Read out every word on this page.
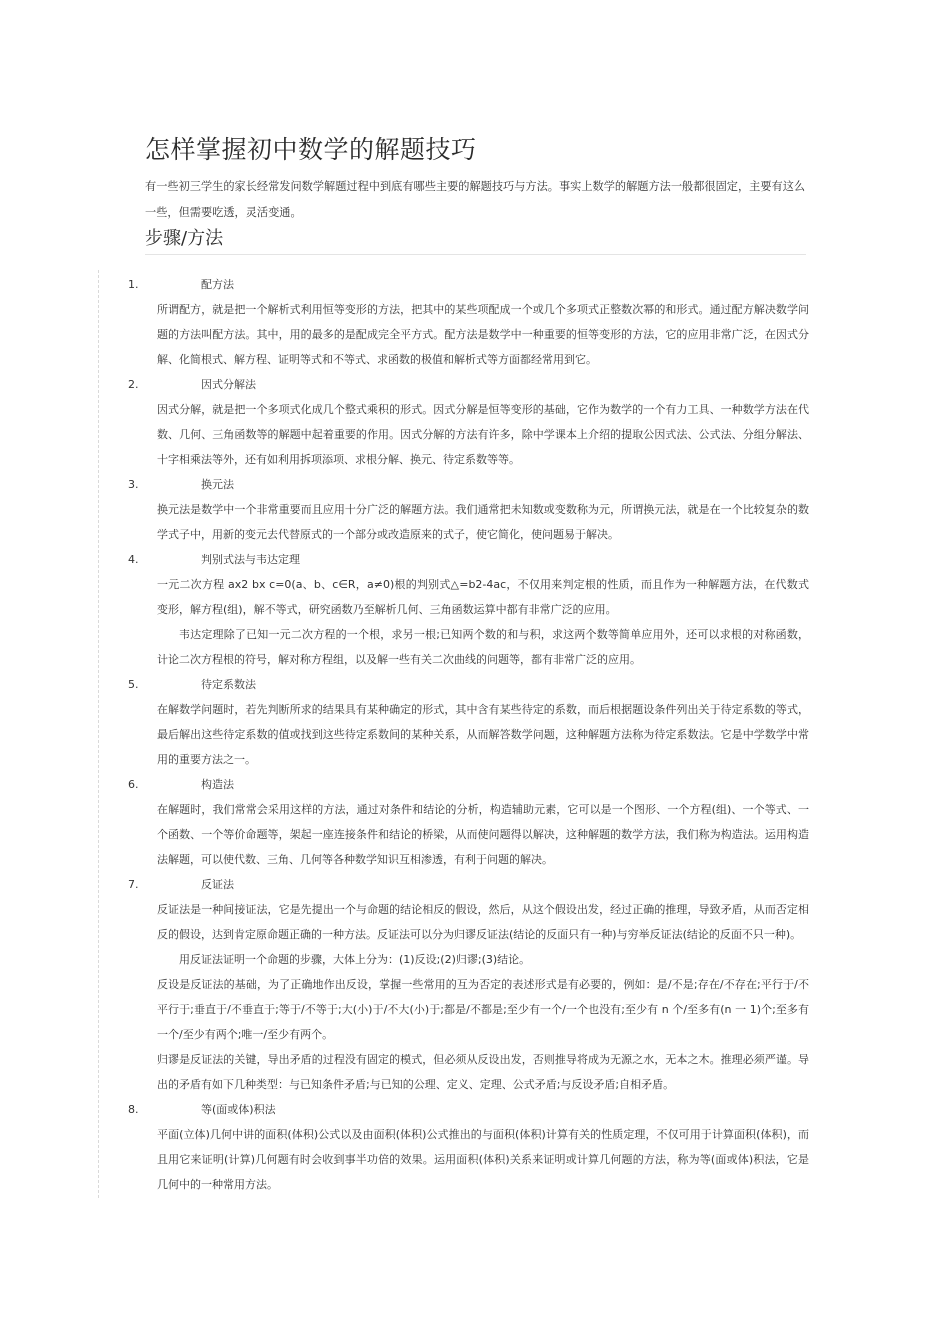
怎样掌握初中数学的解题技巧

有一些初三学生的家长经常发问数学解题过程中到底有哪些主要的解题技巧与方法。事实上数学的解题方法一般都很固定，主要有这么一些，但需要吃透，灵活变通。

步骤/方法
1.	配方法

所谓配方，就是把一个解析式利用恒等变形的方法，把其中的某些项配成一个或几个多项式正整数次幂的和形式。通过配方解决数学问题的方法叫配方法。其中，用的最多的是配成完全平方式。配方法是数学中一种重要的恒等变形的方法，它的应用非常广泛，在因式分解、化简根式、解方程、证明等式和不等式、求函数的极值和解析式等方面都经常用到它。

2.	因式分解法

因式分解，就是把一个多项式化成几个整式乘积的形式。因式分解是恒等变形的基础，它作为数学的一个有力工具、一种数学方法在代数、几何、三角函数等的解题中起着重要的作用。因式分解的方法有许多，除中学课本上介绍的提取公因式法、公式法、分组分解法、十字相乘法等外，还有如利用拆项添项、求根分解、换元、待定系数等等。

3.	换元法

换元法是数学中一个非常重要而且应用十分广泛的解题方法。我们通常把未知数或变数称为元，所谓换元法，就是在一个比较复杂的数学式子中，用新的变元去代替原式的一个部分或改造原来的式子，使它简化，使问题易于解决。

4.	判别式法与韦达定理

一元二次方程 ax2 bx c=0(a、b、c∈R，a≠0)根的判别式△=b2-4ac，不仅用来判定根的性质，而且作为一种解题方法，在代数式变形，解方程(组)，解不等式，研究函数乃至解析几何、三角函数运算中都有非常广泛的应用。

韦达定理除了已知一元二次方程的一个根，求另一根;已知两个数的和与积，求这两个数等简单应用外，还可以求根的对称函数，计论二次方程根的符号，解对称方程组，以及解一些有关二次曲线的问题等，都有非常广泛的应用。

5.	待定系数法

在解数学问题时，若先判断所求的结果具有某种确定的形式，其中含有某些待定的系数，而后根据题设条件列出关于待定系数的等式，最后解出这些待定系数的值或找到这些待定系数间的某种关系，从而解答数学问题，这种解题方法称为待定系数法。它是中学数学中常用的重要方法之一。

6.	构造法

在解题时，我们常常会采用这样的方法，通过对条件和结论的分析，构造辅助元素，它可以是一个图形、一个方程(组)、一个等式、一个函数、一个等价命题等，架起一座连接条件和结论的桥梁，从而使问题得以解决，这种解题的数学方法，我们称为构造法。运用构造法解题，可以使代数、三角、几何等各种数学知识互相渗透，有利于问题的解决。

7.	反证法

反证法是一种间接证法，它是先提出一个与命题的结论相反的假设，然后，从这个假设出发，经过正确的推理，导致矛盾，从而否定相反的假设，达到肯定原命题正确的一种方法。反证法可以分为归谬反证法(结论的反面只有一种)与穷举反证法(结论的反面不只一种)。

用反证法证明一个命题的步骤，大体上分为：(1)反设;(2)归谬;(3)结论。

反设是反证法的基础，为了正确地作出反设，掌握一些常用的互为否定的表述形式是有必要的，例如：是/不是;存在/不存在;平行于/不平行于;垂直于/不垂直于;等于/不等于;大(小)于/不大(小)于;都是/不都是;至少有一个/一个也没有;至少有 n 个/至多有(n 一 1)个;至多有一个/至少有两个;唯一/至少有两个。

归谬是反证法的关键，导出矛盾的过程没有固定的模式，但必须从反设出发，否则推导将成为无源之水，无本之木。推理必须严谨。导出的矛盾有如下几种类型：与已知条件矛盾;与已知的公理、定义、定理、公式矛盾;与反设矛盾;自相矛盾。

8.	等(面或体)积法

平面(立体)几何中讲的面积(体积)公式以及由面积(体积)公式推出的与面积(体积)计算有关的性质定理，不仅可用于计算面积(体积)，而且用它来证明(计算)几何题有时会收到事半功倍的效果。运用面积(体积)关系来证明或计算几何题的方法，称为等(面或体)积法，它是几何中的一种常用方法。
